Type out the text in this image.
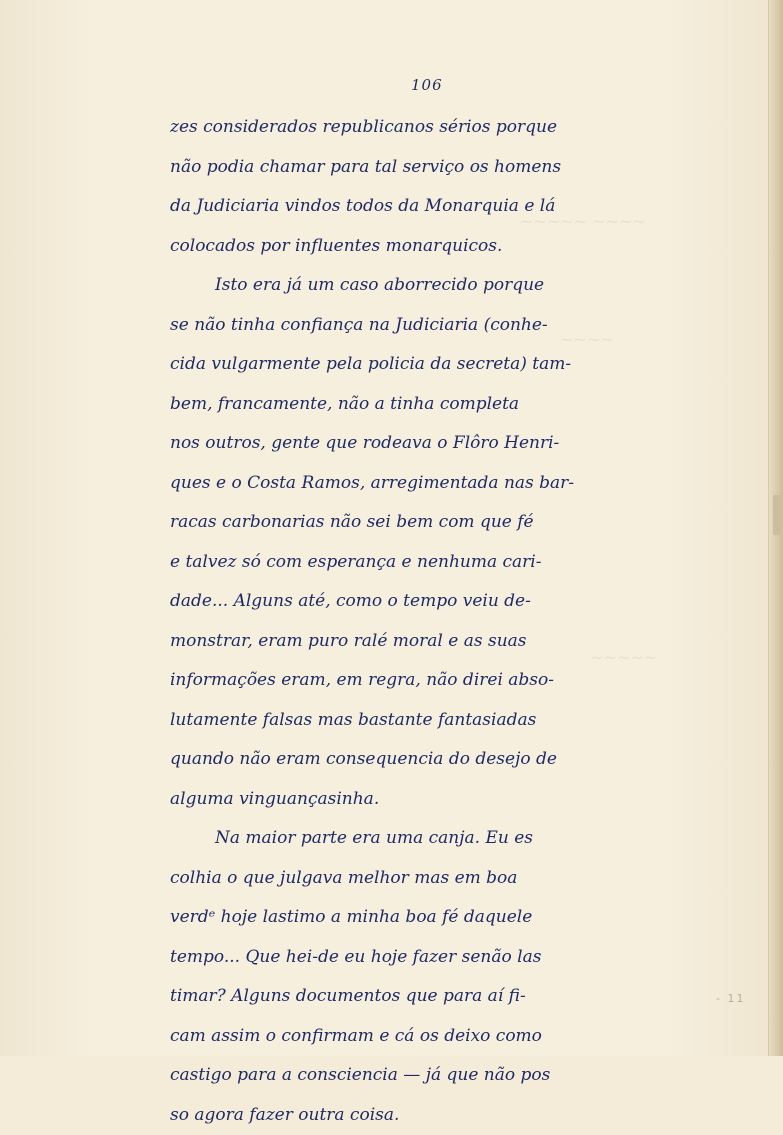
~~~~~ ~~~~
~~~~
~~~~~
106
zes considerados republicanos sérios porque
não podia chamar para tal serviço os homens
da Judiciaria vindos todos da Monarquia e lá
colocados por influentes monarquicos.
Isto era já um caso aborrecido porque
se não tinha confiança na Judiciaria (conhe-
cida vulgarmente pela policia da secreta) tam-
bem, francamente, não a tinha completa
nos outros, gente que rodeava o Flôro Henri-
ques e o Costa Ramos, arregimentada nas bar-
racas carbonarias não sei bem com que fé
e talvez só com esperança e nenhuma cari-
dade... Alguns até, como o tempo veiu de-
monstrar, eram puro ralé moral e as suas
informações eram, em regra, não direi abso-
lutamente falsas mas bastante fantasiadas
quando não eram consequencia do desejo de
alguma vinguançasinha.
Na maior parte era uma canja. Eu es
colhia o que julgava melhor mas em boa
verdᵉ hoje lastimo a minha boa fé daquele
tempo... Que hei-de eu hoje fazer senão las
timar? Alguns documentos que para aí fi-
cam assim o confirmam e cá os deixo como
castigo para a consciencia — já que não pos
so agora fazer outra coisa.
- 11
